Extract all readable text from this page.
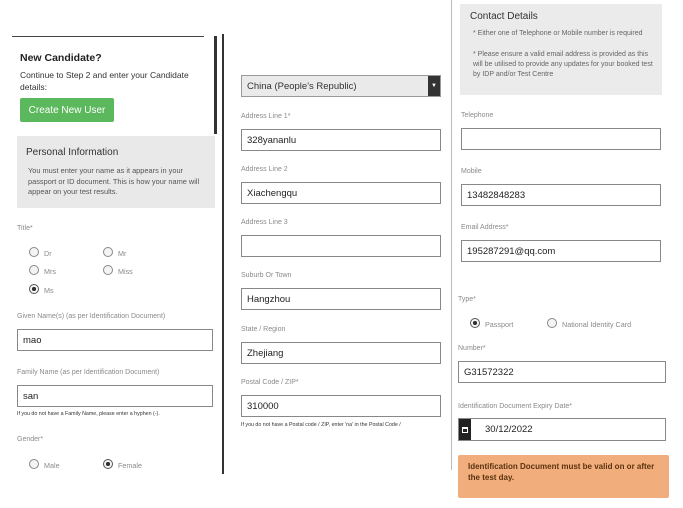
New Candidate?
Continue to Step 2 and enter your Candidate details:
Create New User
Personal Information
You must enter your name as it appears in your passport or ID document. This is how your name will appear on your test results.
Title*
Dr	Mr
Mrs	Miss
Ms
Given Name(s) (as per Identification Document)
mao
Family Name (as per Identification Document)
san
If you do not have a Family Name, please enter a hyphen (-).
Gender*
Male	Female
China (People's Republic)	▼
Address Line 1*
328yananlu
Address Line 2
Xiachengqu
Address Line 3
Suburb Or Town
Hangzhou
State / Region
Zhejiang
Postal Code / ZIP*
310000
If you do not have a Postal code / ZIP, enter 'na' in the Postal Code /
Contact Details
* Either one of Telephone or Mobile number is required
* Please ensure a valid email address is provided as this will be utilised to provide any updates for your booked test by IDP and/or Test Centre
Telephone
Mobile
13482848283
Email Address*
195287291@qq.com
Type*
Passport	National Identity Card
Number*
G31572322
Identification Document Expiry Date*
30/12/2022
Identification Document must be valid on or after the test day.
